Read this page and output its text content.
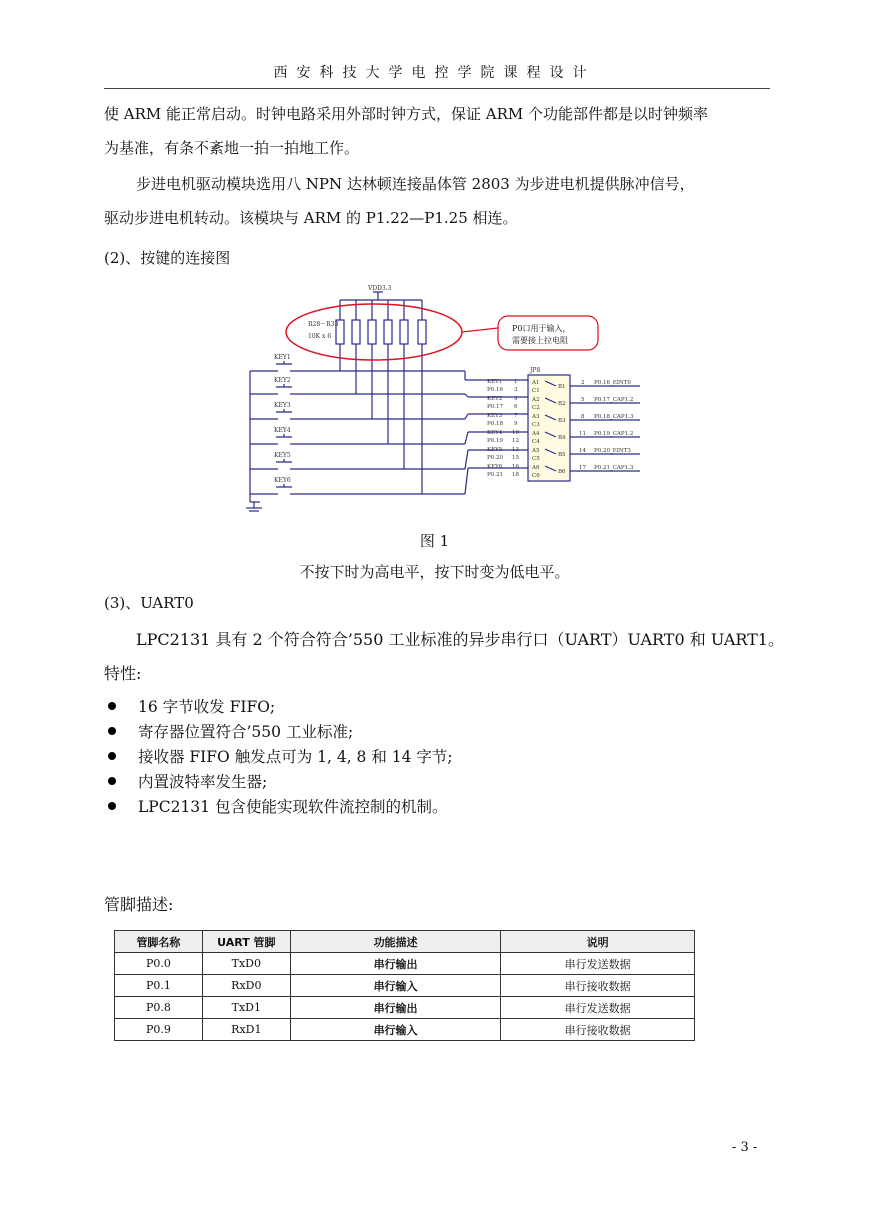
西安科技大学电控学院课程设计
使 ARM 能正常启动。时钟电路采用外部时钟方式，保证 ARM 个功能部件都是以时钟频率
为基准，有条不紊地一拍一拍地工作。
步进电机驱动模块选用八 NPN 达林顿连接晶体管 2803 为步进电机提供脉冲信号，
驱动步进电机转动。该模块与 ARM 的 P1.22—P1.25 相连。
(2)、按键的连接图
VDD3.3
R28～R33
10K x 6
P0口用于输入，
需要接上拉电阻
JP8
KEY1
KEY2
KEY3
KEY4
KEY5
KEY6
KEY1 1
P0.16 3
KEY2 4
P0.17 6
KEY3 7
P0.18 9
KEY4 10
P0.19 12
KEY5 13
P0.20 15
KEY6 16
P0.21 18
A1
C1
A2
C2
A3
C3
A4
C4
A5
C5
A6
C6
B1
B2
B3
B4
B5
B6
2 P0.16_EINT0
5 P0.17_CAP1.2
8 P0.18_CAP1.3
11 P0.19_CAP1.2
14 P0.20_EINT3
17 P0.21_CAP1.3
图 1
不按下时为高电平，按下时变为低电平。
(3)、UART0
LPC2131 具有 2 个符合符合’550 工业标准的异步串行口（UART）UART0 和 UART1。
特性:
16 字节收发 FIFO;
寄存器位置符合’550 工业标准;
接收器 FIFO 触发点可为 1, 4, 8 和 14 字节;
内置波特率发生器;
LPC2131 包含使能实现软件流控制的机制。
管脚描述:
管脚名称	UART 管脚	功能描述	说明
P0.0	TxD0	串行输出	串行发送数据
P0.1	RxD0	串行输入	串行接收数据
P0.8	TxD1	串行输出	串行发送数据
P0.9	RxD1	串行输入	串行接收数据
- 3 -
